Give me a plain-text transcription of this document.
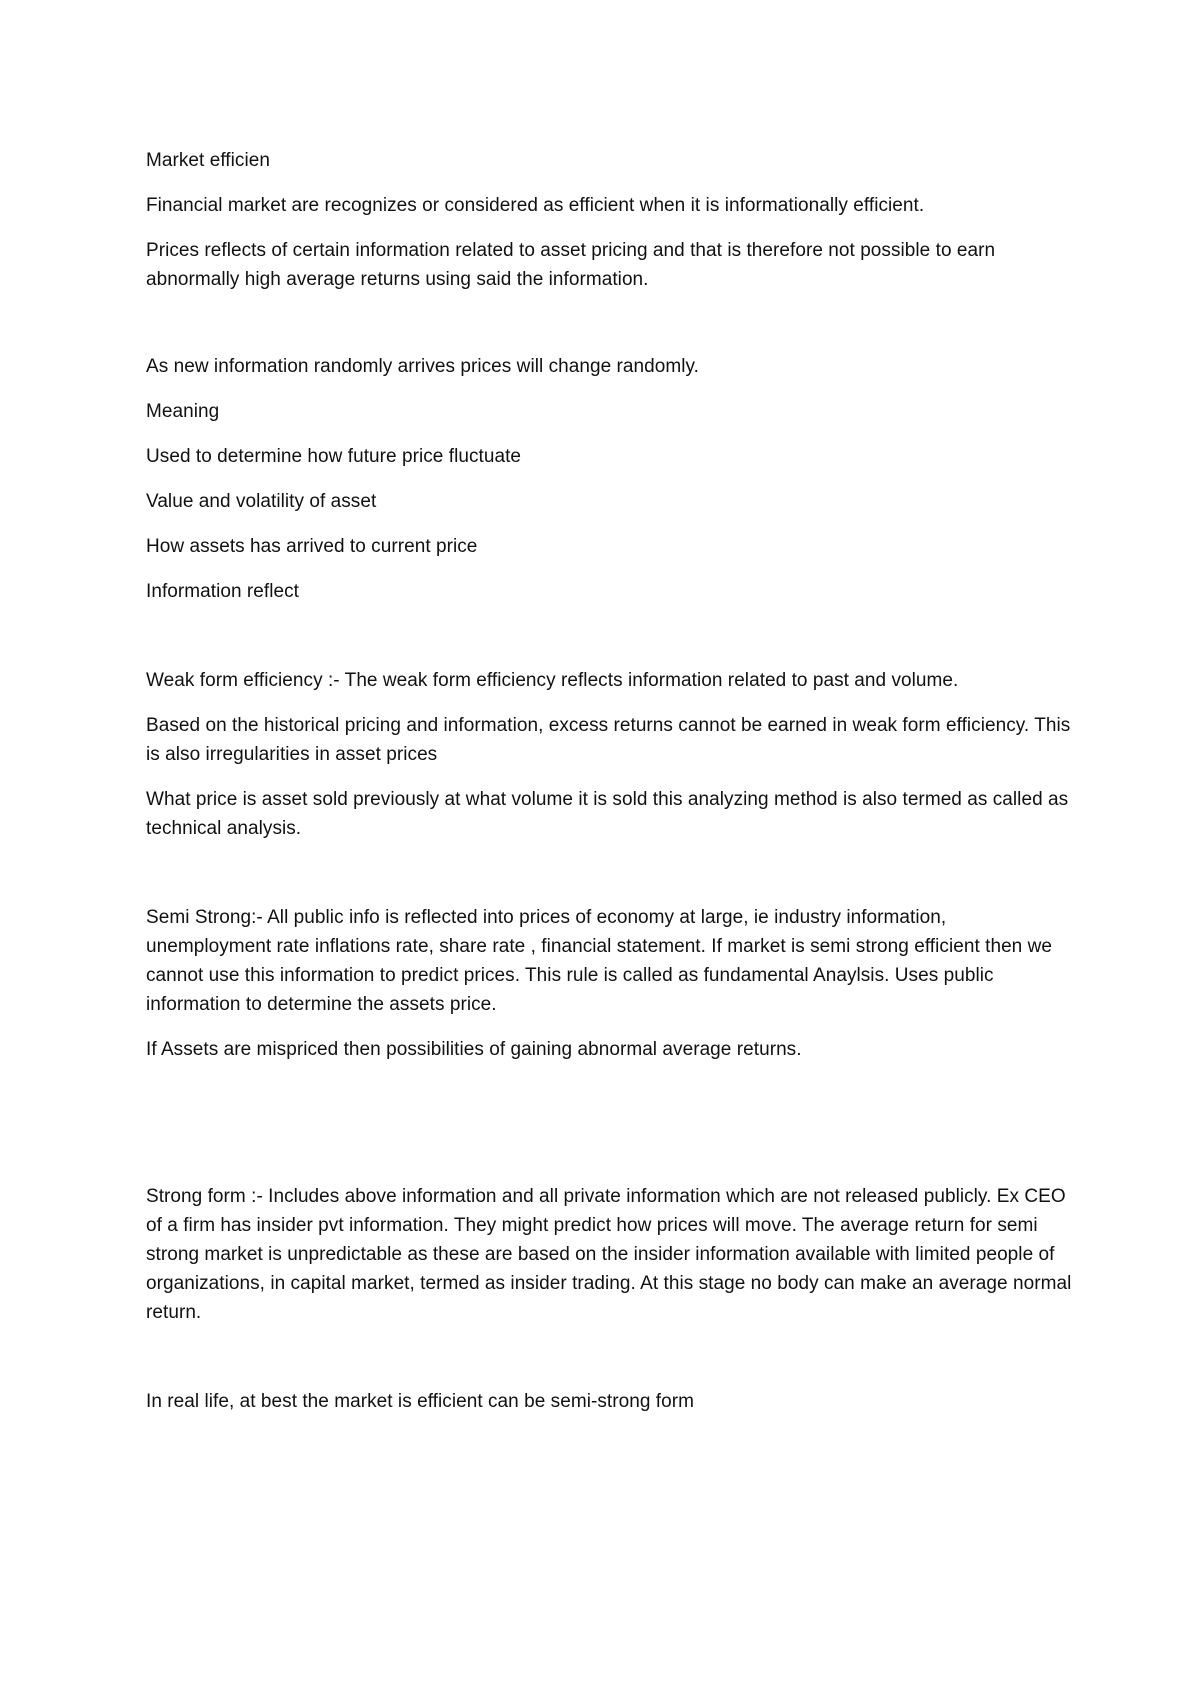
Market efficien

Financial market are recognizes or considered as efficient when it is informationally efficient.

Prices reflects of certain information related to asset pricing and that is therefore not possible to earn abnormally high average returns using said the information.

As new information randomly arrives prices will change randomly.

Meaning

Used to determine how future price fluctuate

Value and volatility of asset

How assets has arrived to current price

Information reflect

Weak form efficiency :- The weak form efficiency reflects information related to past and volume.

Based on the historical pricing and information, excess returns cannot be earned in weak form efficiency. This is also irregularities in asset prices

What price is asset sold previously at what volume it is sold this analyzing method is also termed as called as technical analysis.

Semi Strong:- All public info is reflected into prices of economy at large, ie industry information, unemployment rate inflations rate, share rate , financial statement. If market is semi strong efficient then we cannot use this information to predict prices. This rule is called as fundamental Anaylsis. Uses public information to determine the assets price.

If Assets are mispriced then possibilities of gaining abnormal average returns.

Strong form :- Includes above information and all private information which are not released publicly. Ex CEO of a firm has insider pvt information. They might predict how prices will move. The average return for semi strong market is unpredictable as these are based on the insider information available with limited people of organizations, in capital market, termed as insider trading. At this stage no body can make an average normal return.

In real life, at best the market is efficient can be semi-strong form
